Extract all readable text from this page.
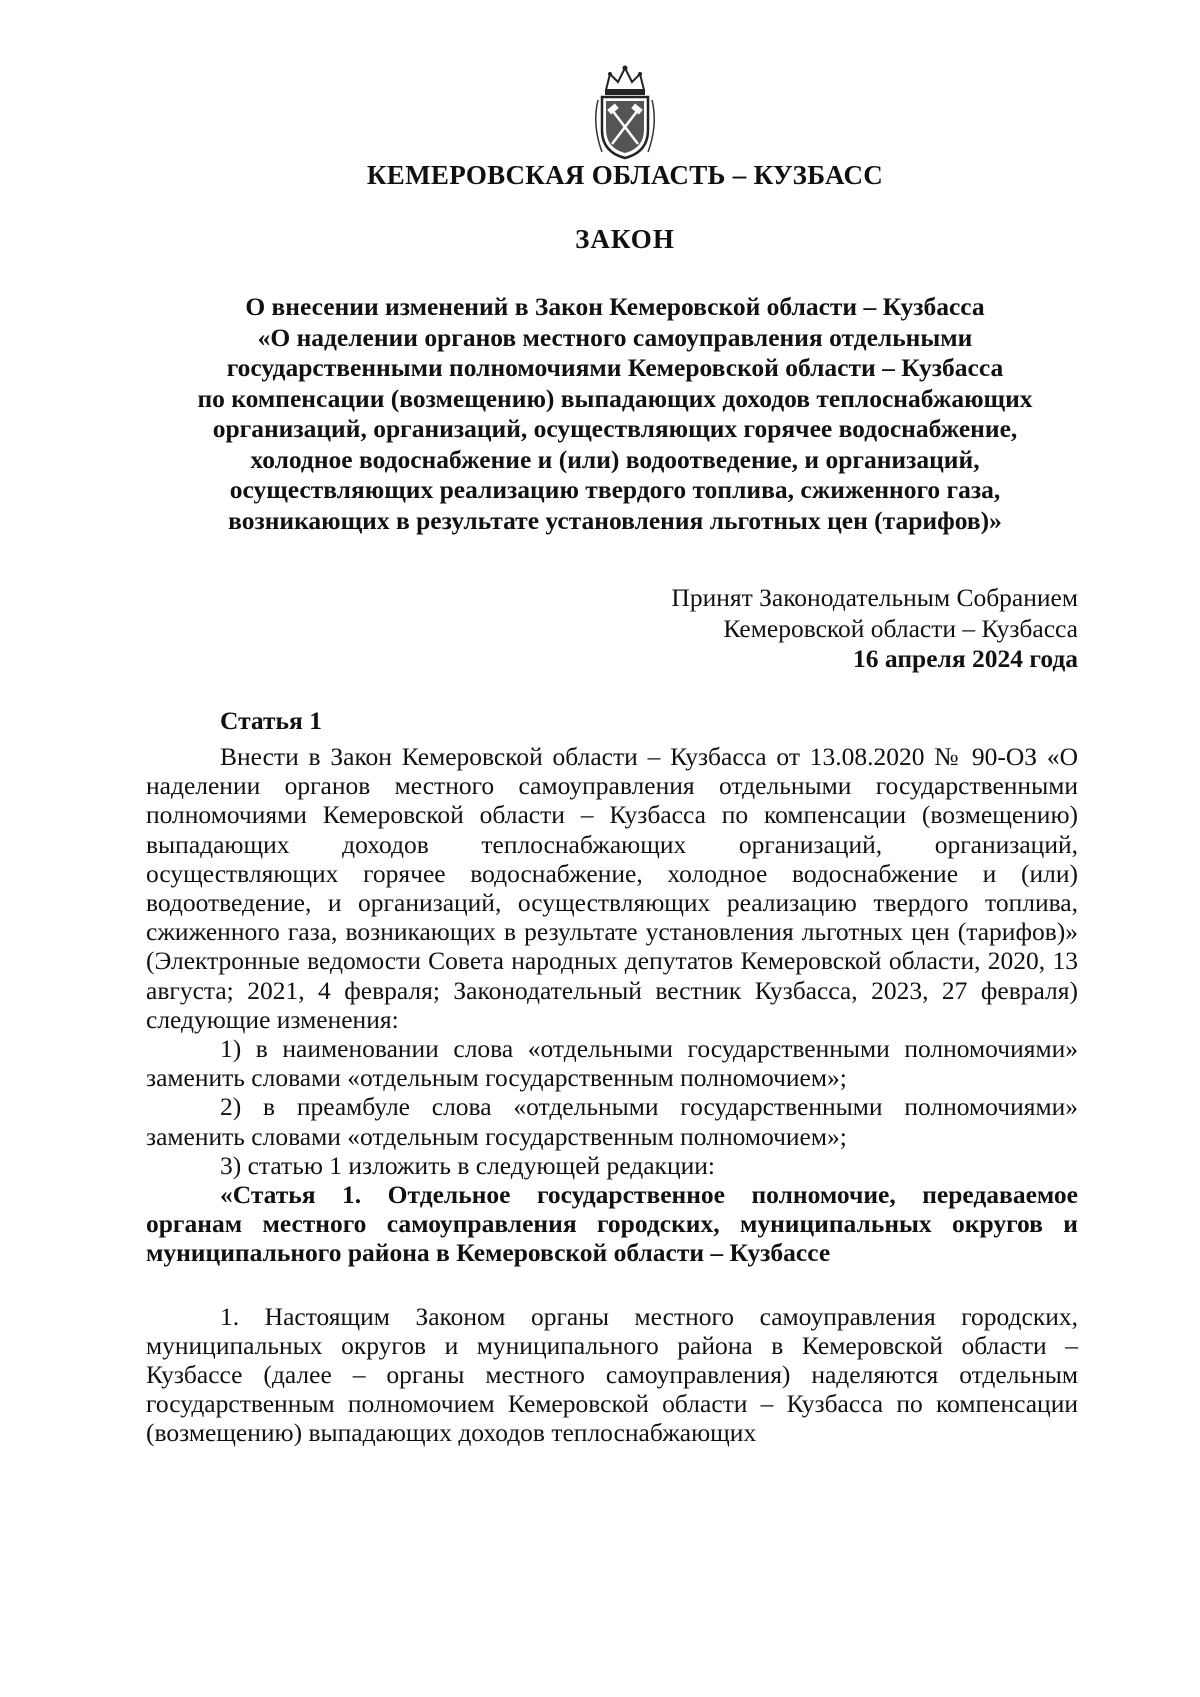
КЕМЕРОВСКАЯ ОБЛАСТЬ – КУЗБАСС
ЗАКОН
О внесении изменений в Закон Кемеровской области – Кузбасса
«О наделении органов местного самоуправления отдельными
государственными полномочиями Кемеровской области – Кузбасса
по компенсации (возмещению) выпадающих доходов теплоснабжающих
организаций, организаций, осуществляющих горячее водоснабжение,
холодное водоснабжение и (или) водоотведение, и организаций,
осуществляющих реализацию твердого топлива, сжиженного газа,
возникающих в результате установления льготных цен (тарифов)»
Принят Законодательным Собранием
Кемеровской области – Кузбасса
16 апреля 2024 года
Статья 1

Внести в Закон Кемеровской области – Кузбасса от 13.08.2020 № 90-ОЗ «О наделении органов местного самоуправления отдельными государственными полномочиями Кемеровской области – Кузбасса по компенсации (возмещению) выпадающих доходов теплоснабжающих организаций, организаций, осуществляющих горячее водоснабжение, холодное водоснабжение и (или) водоотведение, и организаций, осуществляющих реализацию твердого топлива, сжиженного газа, возникающих в результате установления льготных цен (тарифов)» (Электронные ведомости Совета народных депутатов Кемеровской области, 2020, 13 августа; 2021, 4 февраля; Законодательный вестник Кузбасса, 2023, 27 февраля) следующие изменения:

1) в наименовании слова «отдельными государственными полномочиями» заменить словами «отдельным государственным полномочием»;

2) в преамбуле слова «отдельными государственными полномочиями» заменить словами «отдельным государственным полномочием»;

3) статью 1 изложить в следующей редакции:

«Статья 1. Отдельное государственное полномочие, передаваемое органам местного самоуправления городских, муниципальных округов и муниципального района в Кемеровской области – Кузбассе

1. Настоящим Законом органы местного самоуправления городских, муниципальных округов и муниципального района в Кемеровской области – Кузбассе (далее – органы местного самоуправления) наделяются отдельным государственным полномочием Кемеровской области – Кузбасса по компенсации (возмещению) выпадающих доходов теплоснабжающих
